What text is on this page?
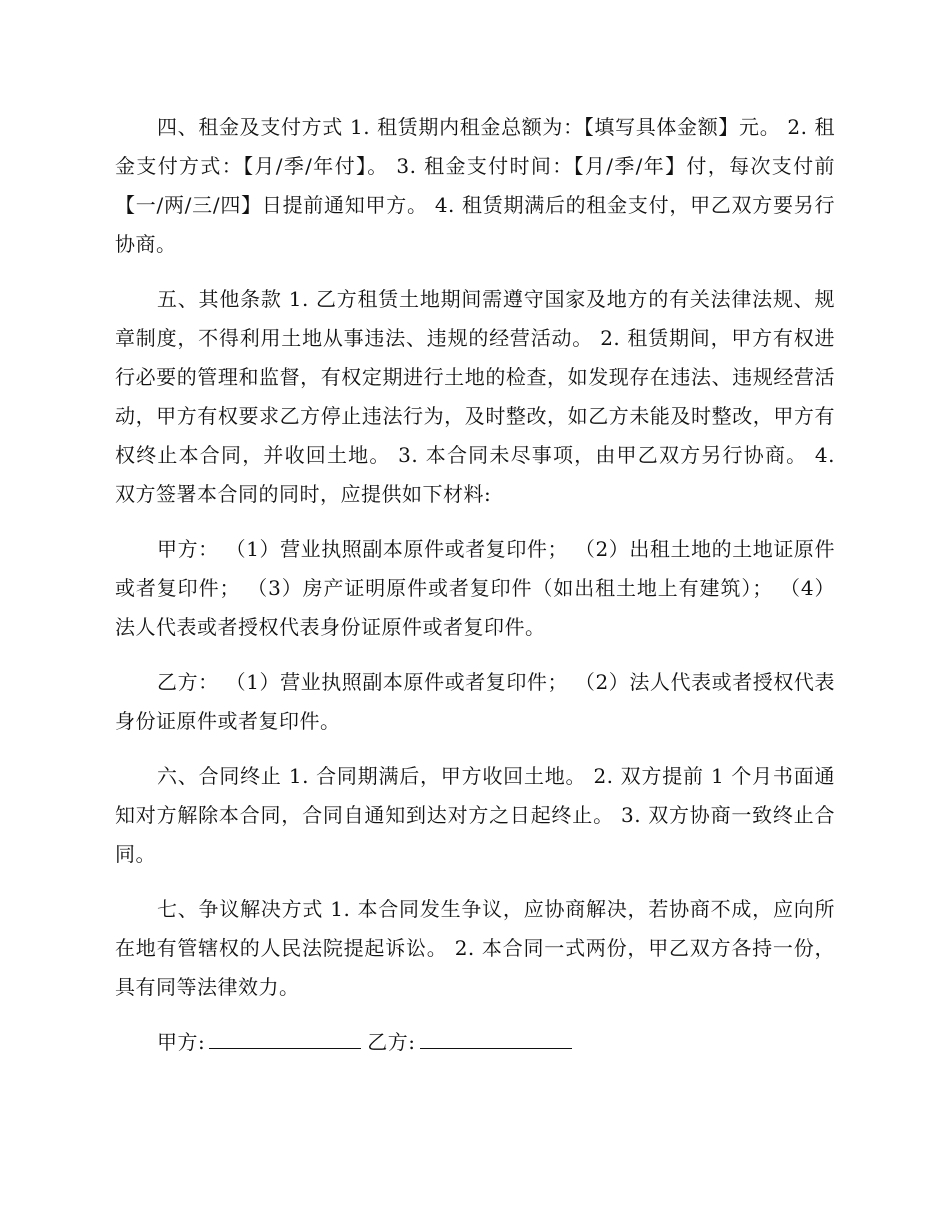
四、租金及支付方式 1. 租赁期内租金总额为：【填写具体金额】元。 2. 租金支付方式：【月/季/年付】。 3. 租金支付时间：【月/季/年】付，每次支付前【一/两/三/四】日提前通知甲方。 4. 租赁期满后的租金支付，甲乙双方要另行协商。

五、其他条款 1. 乙方租赁土地期间需遵守国家及地方的有关法律法规、规章制度，不得利用土地从事违法、违规的经营活动。 2. 租赁期间，甲方有权进行必要的管理和监督，有权定期进行土地的检查，如发现存在违法、违规经营活动，甲方有权要求乙方停止违法行为，及时整改，如乙方未能及时整改，甲方有权终止本合同，并收回土地。 3. 本合同未尽事项，由甲乙双方另行协商。 4. 双方签署本合同的同时，应提供如下材料:

甲方： （1）营业执照副本原件或者复印件； （2）出租土地的土地证原件或者复印件； （3）房产证明原件或者复印件（如出租土地上有建筑）； （4）法人代表或者授权代表身份证原件或者复印件。

乙方： （1）营业执照副本原件或者复印件； （2）法人代表或者授权代表身份证原件或者复印件。

六、合同终止 1. 合同期满后，甲方收回土地。 2. 双方提前 1 个月书面通知对方解除本合同，合同自通知到达对方之日起终止。 3. 双方协商一致终止合同。

七、争议解决方式 1. 本合同发生争议，应协商解决，若协商不成，应向所在地有管辖权的人民法院提起诉讼。 2. 本合同一式两份，甲乙双方各持一份，具有同等法律效力。

甲方:	乙方:
